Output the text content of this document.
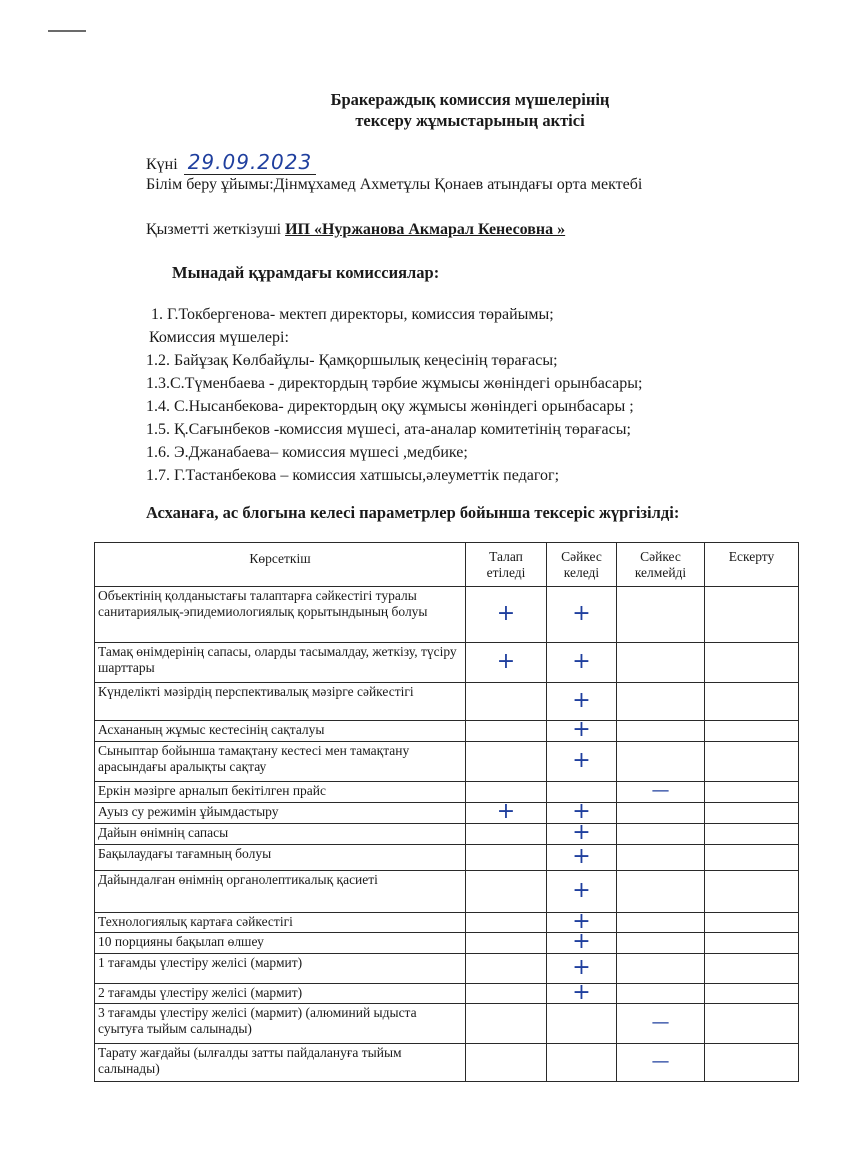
Бракераждық комиссия мүшелерінің
тексеру жұмыстарының актісі
Күні 29.09.2023
Білім беру ұйымы:Дінмұхамед Ахметұлы Қонаев атындағы орта мектебі
Қызметті жеткізуші ИП «Нуржанова Акмарал Кенесовна »
Мынадай құрамдағы комиссиялар:
1. Г.Токбергенова- мектеп директоры, комиссия төрайымы;
Комиссия мүшелері:
1.2. Байұзақ Көлбайұлы- Қамқоршылық кеңесінің төрағасы;
1.3.С.Түменбаева - директордың тәрбие жұмысы жөніндегі орынбасары;
1.4. С.Нысанбекова- директордың оқу жұмысы жөніндегі орынбасары ;
1.5. Қ.Сағынбеков -комиссия мүшесі, ата-аналар комитетінің төрағасы;
1.6. Э.Джанабаева– комиссия мүшесі ,медбике;
1.7. Г.Тастанбекова – комиссия хатшысы,әлеуметтік педагог;
Асханаға, ас блогына келесі параметрлер бойынша тексеріс жүргізілді:
Көрсеткіш	Талап етіледі	Сәйкес келеді	Сәйкес келмейді	Ескерту
Объектінің қолданыстағы талаптарға сәйкестігі туралы санитариялық-эпидемиологиялық қорытындының болуы	+	+		
Тамақ өнімдерінің сапасы, оларды тасымалдау, жеткізу, түсіру шарттары	+	+		
Күнделікті мәзірдің перспективалық мәзірге сәйкестігі		+		
Асхананың жұмыс кестесінің сақталуы		+		
Сыныптар бойынша тамақтану кестесі мен тамақтану арасындағы аралықты сақтау		+		
Еркін мәзірге арналып бекітілген прайс			—	
Ауыз су режимін ұйымдастыру	+	+		
Дайын өнімнің сапасы		+		
Бақылаудағы тағамның болуы		+		
Дайындалған өнімнің органолептикалық қасиеті		+		
Технологиялық картаға сәйкестігі		+		
10 порцияны бақылап өлшеу		+		
1 тағамды үлестіру желісі (мармит)		+		
2 тағамды үлестіру желісі (мармит)		+		
3 тағамды үлестіру желісі (мармит) (алюминий ыдыста суытуға тыйым салынады)			—	
Тарату жағдайы (ылғалды затты пайдалануға тыйым салынады)			—	
